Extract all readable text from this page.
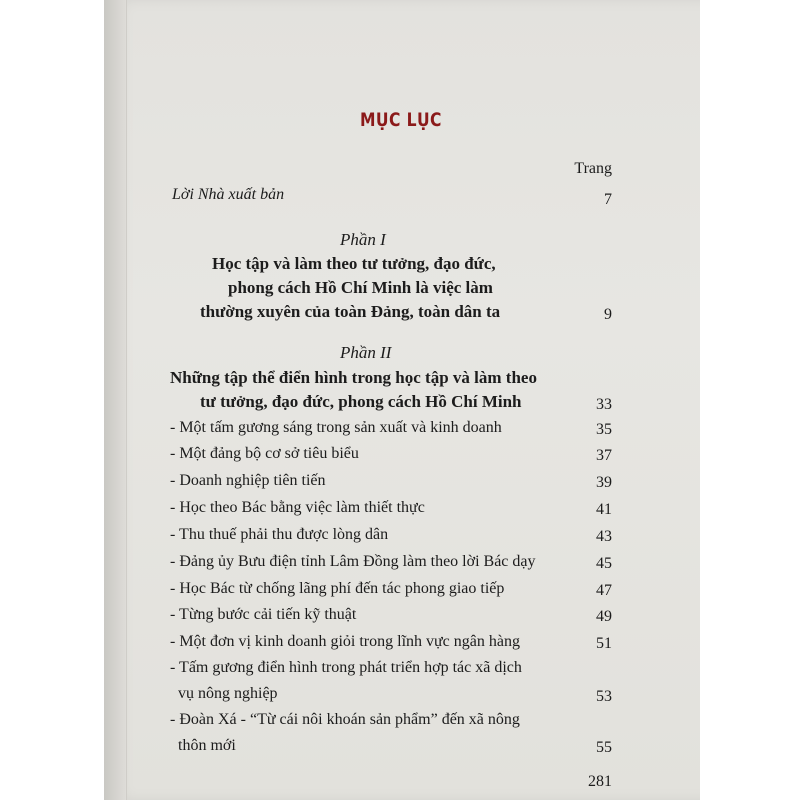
MỤC LỤC
Trang
Lời Nhà xuất bản	7
Phần I
Học tập và làm theo tư tưởng, đạo đức,
phong cách Hồ Chí Minh là việc làm
thường xuyên của toàn Đảng, toàn dân ta	9
Phần II
Những tập thể điển hình trong học tập và làm theo
tư tưởng, đạo đức, phong cách Hồ Chí Minh	33
- Một tấm gương sáng trong sản xuất và kinh doanh	35
- Một đảng bộ cơ sở tiêu biểu	37
- Doanh nghiệp tiên tiến	39
- Học theo Bác bằng việc làm thiết thực	41
- Thu thuế phải thu được lòng dân	43
- Đảng ủy Bưu điện tỉnh Lâm Đồng làm theo lời Bác dạy	45
- Học Bác từ chống lãng phí đến tác phong giao tiếp	47
- Từng bước cải tiến kỹ thuật	49
- Một đơn vị kinh doanh giỏi trong lĩnh vực ngân hàng	51
- Tấm gương điển hình trong phát triển hợp tác xã dịch
vụ nông nghiệp	53
- Đoàn Xá - “Từ cái nôi khoán sản phẩm” đến xã nông
thôn mới	55
281
